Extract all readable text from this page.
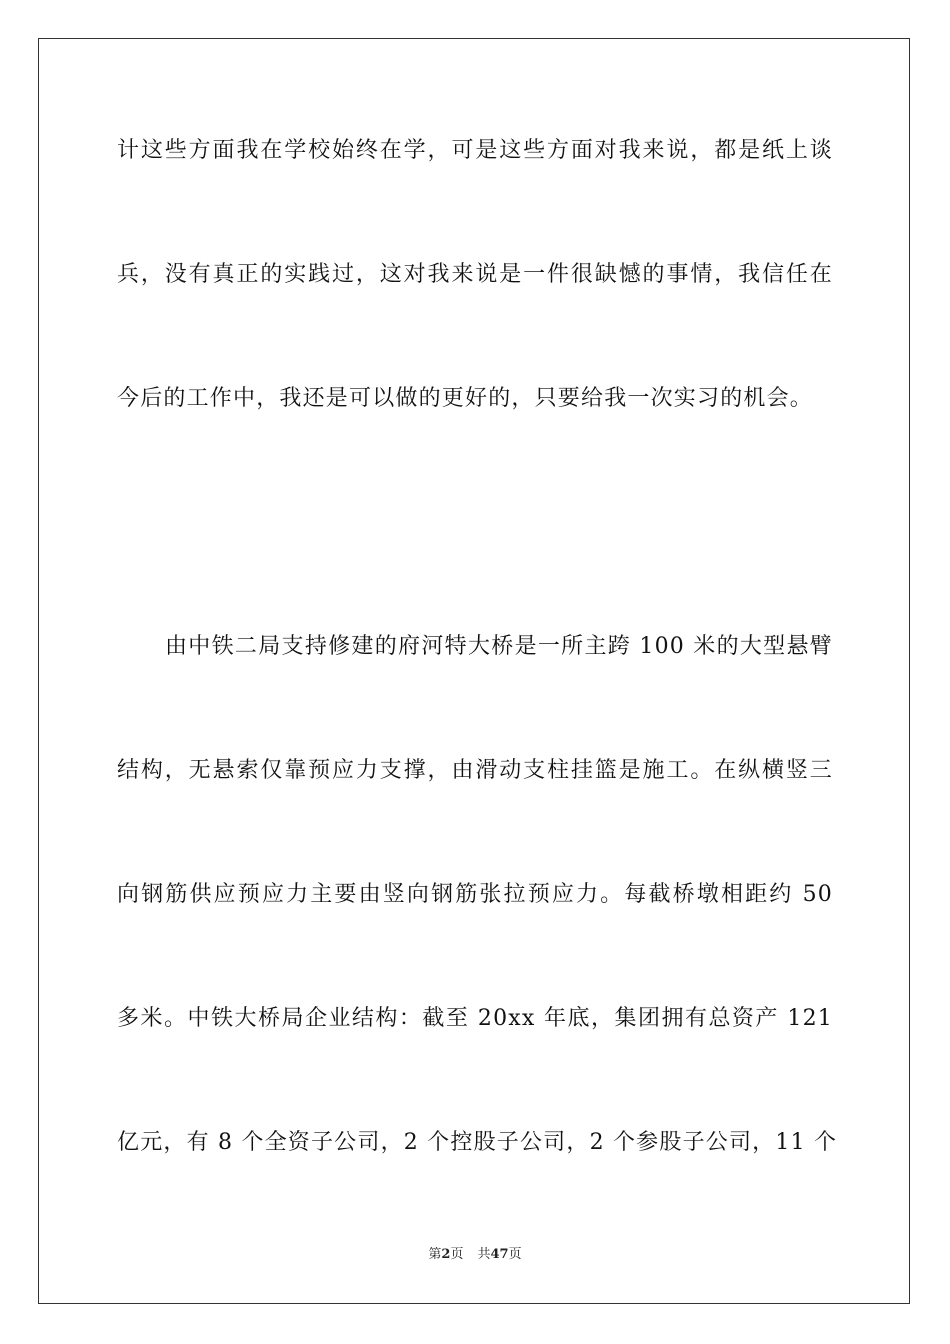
计这些方面我在学校始终在学，可是这些方面对我来说，都是纸上谈
兵，没有真正的实践过，这对我来说是一件很缺憾的事情，我信任在
今后的工作中，我还是可以做的更好的，只要给我一次实习的机会。
由中铁二局支持修建的府河特大桥是一所主跨 100 米的大型悬臂
结构，无悬索仅靠预应力支撑，由滑动支柱挂篮是施工。在纵横竖三
向钢筋供应预应力主要由竖向钢筋张拉预应力。每截桥墩相距约 50
多米。中铁大桥局企业结构：截至 20xx 年底，集团拥有总资产 121
亿元，有 8 个全资子公司，2 个控股子公司，2 个参股子公司，11 个
第2页 共47页
